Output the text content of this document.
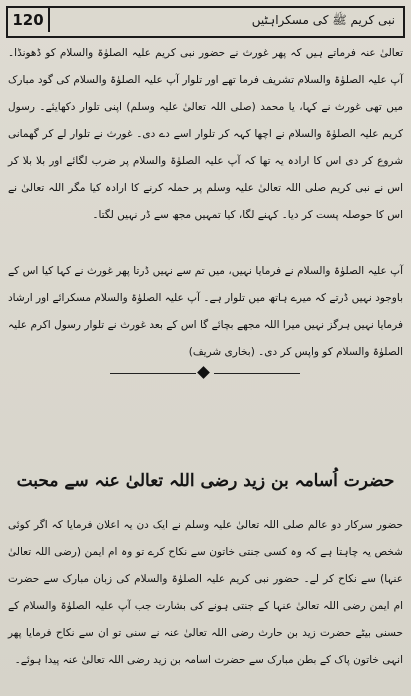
120	نبی کریم ﷺ کی مسکراہٹیں

تعالیٰ عنہ فرماتے ہیں کہ پھر غورث نے حضور نبی کریم علیہ الصلوٰۃ والسلام کو ڈھونڈا۔ آپ علیہ الصلوٰۃ والسلام تشریف فرما تھے اور تلوار آپ علیہ الصلوٰۃ والسلام کی گود مبارک میں تھی غورث نے کہا، یا محمد (صلی اللہ تعالیٰ علیہ وسلم) اپنی تلوار دکھایئے۔ رسول کریم علیہ الصلوٰۃ والسلام نے اچھا کہہ کر تلوار اسے دے دی۔ غورث نے تلوار لے کر گھمانی شروع کر دی اس کا ارادہ یہ تھا کہ آپ علیہ الصلوٰۃ والسلام پر ضرب لگائے اور بلا بلا کر اس نے نبی کریم صلی اللہ تعالیٰ علیہ وسلم پر حملہ کرنے کا ارادہ کیا مگر اللہ تعالیٰ نے اس کا حوصلہ پست کر دیا۔ کہنے لگا، کیا تمہیں مجھ سے ڈر نہیں لگتا۔

آپ علیہ الصلوٰۃ والسلام نے فرمایا نہیں، میں تم سے نہیں ڈرتا پھر غورث نے کہا کیا اس کے باوجود نہیں ڈرتے کہ میرے ہاتھ میں تلوار ہے۔ آپ علیہ الصلوٰۃ والسلام مسکرائے اور ارشاد فرمایا نہیں ہرگز نہیں میرا اللہ مجھے بچائے گا اس کے بعد غورث نے تلوار رسول اکرم علیہ الصلوٰۃ والسلام کو واپس کر دی۔ (بخاری شریف)

حضرت اُسامہ بن زید رضی اللہ تعالیٰ عنہ سے محبت

حضور سرکار دو عالم صلی اللہ تعالیٰ علیہ وسلم نے ایک دن یہ اعلان فرمایا کہ اگر کوئی شخص یہ چاہتا ہے کہ وہ کسی جنتی خاتون سے نکاح کرے تو وہ ام ایمن (رضی اللہ تعالیٰ عنہا) سے نکاح کر لے۔ حضور نبی کریم علیہ الصلوٰۃ والسلام کی زبان مبارک سے حضرت ام ایمن رضی اللہ تعالیٰ عنہا کے جنتی ہونے کی بشارت جب آپ علیہ الصلوٰۃ والسلام کے حسنی بیٹے حضرت زید بن حارث رضی اللہ تعالیٰ عنہ نے سنی تو ان سے نکاح فرمایا پھر انہی خاتون پاک کے بطن مبارک سے حضرت اسامہ بن زید رضی اللہ تعالیٰ عنہ پیدا ہوئے۔
